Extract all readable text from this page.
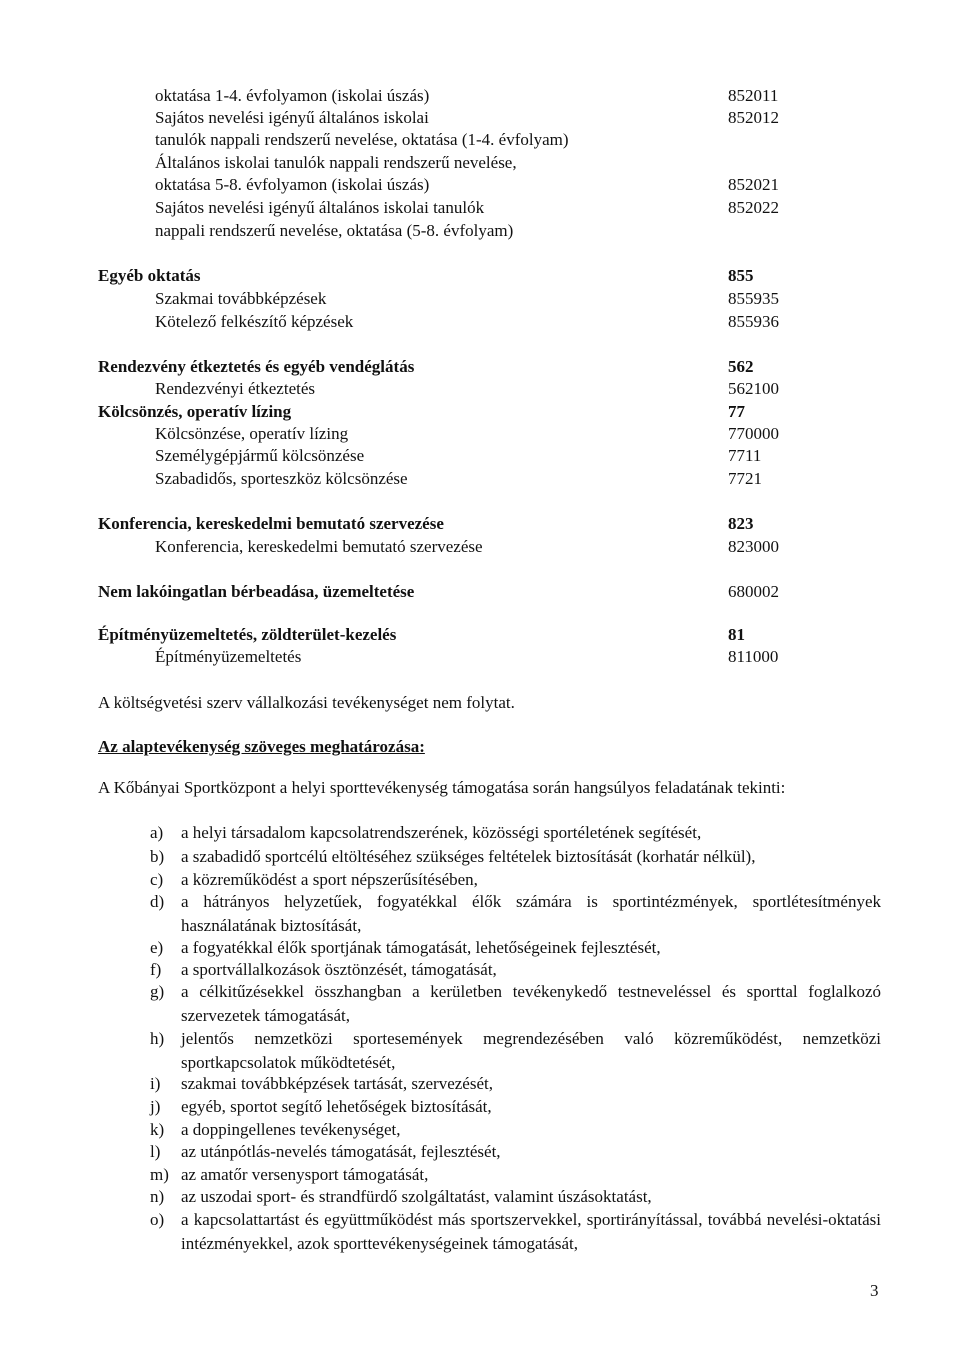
oktatása 1-4. évfolyamon (iskolai úszás)	852011
Sajátos nevelési igényű általános iskolai	852012
tanulók nappali rendszerű nevelése, oktatása (1-4. évfolyam)
Általános iskolai tanulók nappali rendszerű nevelése,
oktatása 5-8. évfolyamon (iskolai úszás)	852021
Sajátos nevelési igényű általános iskolai tanulók	852022
nappali rendszerű nevelése, oktatása (5-8. évfolyam)
Egyéb oktatás	855
Szakmai továbbképzések	855935
Kötelező felkészítő képzések	855936
Rendezvény étkeztetés és egyéb vendéglátás	562
Rendezvényi étkeztetés	562100
Kölcsönzés, operatív lízing	77
Kölcsönzése, operatív lízing	770000
Személygépjármű kölcsönzése	7711
Szabadidős, sporteszköz kölcsönzése	7721
Konferencia, kereskedelmi bemutató szervezése	823
Konferencia, kereskedelmi bemutató szervezése	823000
Nem lakóingatlan bérbeadása, üzemeltetése	680002
Építményüzemeltetés, zöldterület-kezelés	81
Építményüzemeltetés	811000
A költségvetési szerv vállalkozási tevékenységet nem folytat.
Az alaptevékenység szöveges meghatározása:
A Kőbányai Sportközpont a helyi sporttevékenység támogatása során hangsúlyos feladatának tekinti:
a) a helyi társadalom kapcsolatrendszerének, közösségi sportéletének segítését,
b) a szabadidő sportcélú eltöltéséhez szükséges feltételek biztosítását (korhatár nélkül),
c) a közreműködést a sport népszerűsítésében,
d) a hátrányos helyzetűek, fogyatékkal élők számára is sportintézmények, sportlétesítmények használatának biztosítását,
e) a fogyatékkal élők sportjának támogatását, lehetőségeinek fejlesztését,
f) a sportvállalkozások ösztönzését, támogatását,
g) a célkitűzésekkel összhangban a kerületben tevékenykedő testneveléssel és sporttal foglalkozó szervezetek támogatását,
h) jelentős nemzetközi sportesemények megrendezésében való közreműködést, nemzetközi sportkapcsolatok működtetését,
i) szakmai továbbképzések tartását, szervezését,
j) egyéb, sportot segítő lehetőségek biztosítását,
k) a doppingellenes tevékenységet,
l) az utánpótlás-nevelés támogatását, fejlesztését,
m) az amatőr versenysport támogatását,
n) az uszodai sport- és strandfürdő szolgáltatást, valamint úszásoktatást,
o) a kapcsolattartást és együttműködést más sportszervekkel, sportirányítással, továbbá nevelési-oktatási intézményekkel, azok sporttevékenységeinek támogatását,
3
